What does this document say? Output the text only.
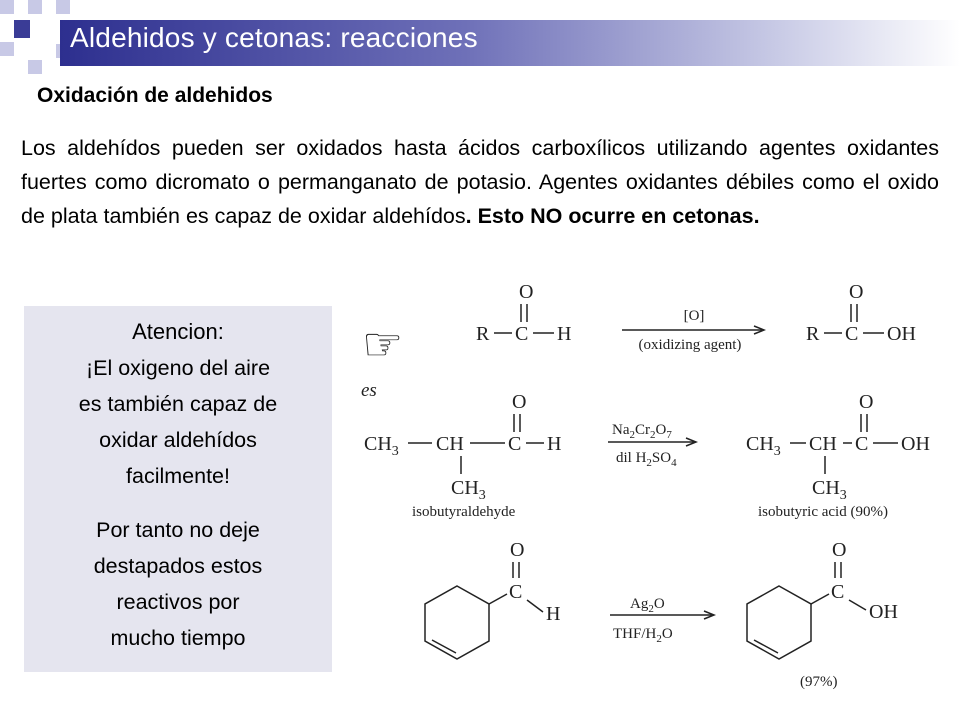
Aldehidos y cetonas: reacciones
Oxidación de aldehidos
Los aldehídos pueden ser oxidados hasta ácidos carboxílicos utilizando agentes oxidantes fuertes como dicromato o permanganato de potasio. Agentes oxidantes débiles como el oxido de plata también es capaz de oxidar aldehídos. Esto NO ocurre en cetonas.
Atencion:
¡El oxigeno del aire
es también capaz de
oxidar aldehídos
facilmente!
Por tanto no deje
destapados estos
reactivos por
mucho tiempo
☞
es
O
R C H
[O]
(oxidizing agent)
O
R C OH
O
$CH_3$ CH C H
$CH_3$
isobutyraldehyde
$Na_2Cr_2O_7$
dil $H_2SO_4$
O
$CH_3$ CH C OH
$CH_3$
isobutyric acid (90%)
O
C
H	$Ag_2O$
THF/$H_2O$
O
C
OH
(97%)
